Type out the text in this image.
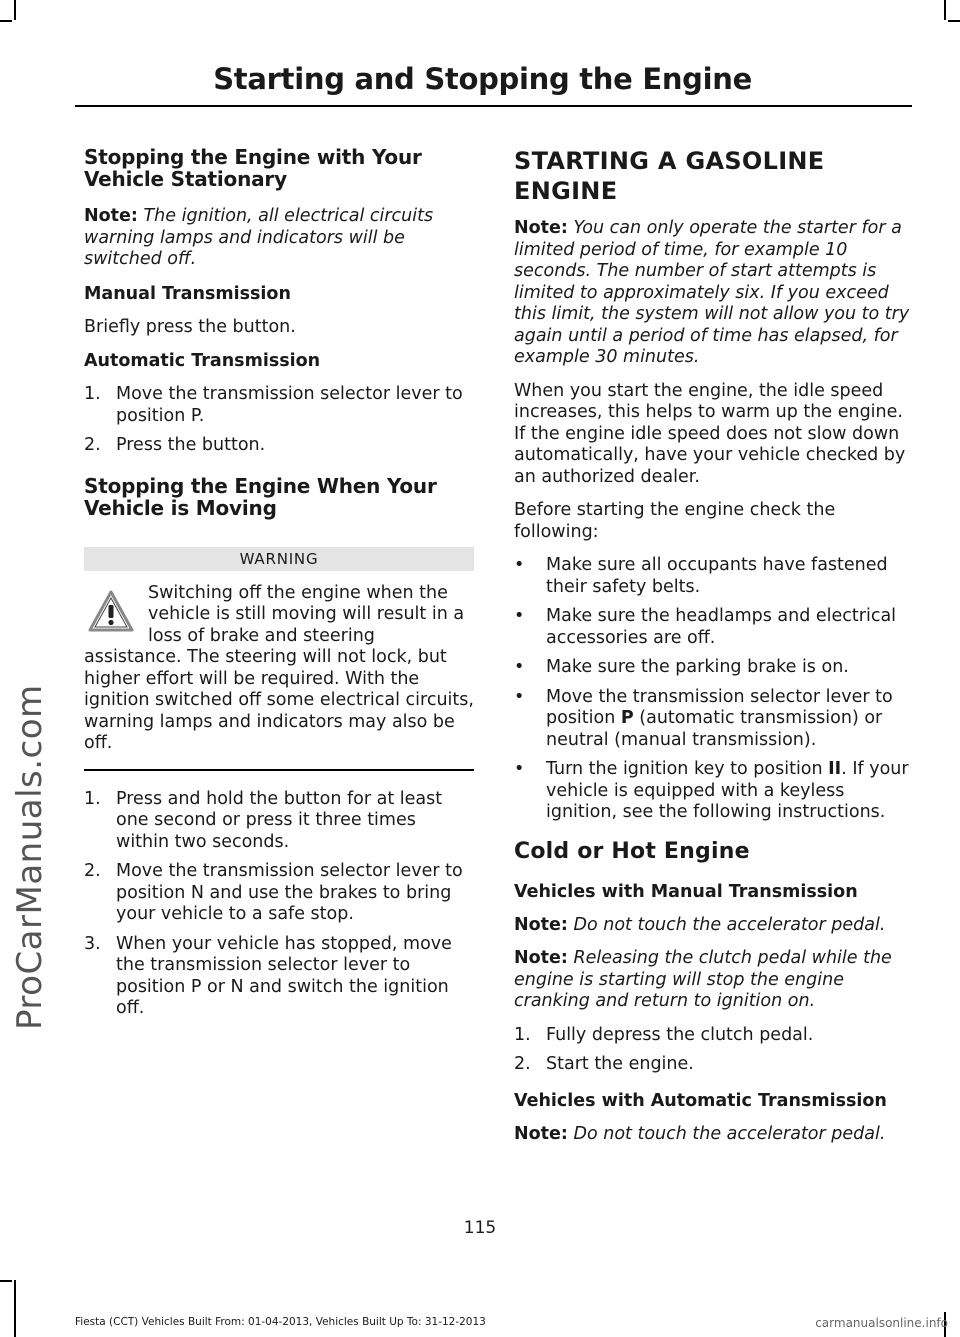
Starting and Stopping the Engine
ProCarManuals.com
Stopping the Engine with Your Vehicle Stationary

Note: The ignition, all electrical circuits warning lamps and indicators will be switched off.

Manual Transmission

Briefly press the button.

Automatic Transmission
1. Move the transmission selector lever to position P.
2. Press the button.
Stopping the Engine When Your Vehicle is Moving
WARNING
Switching off the engine when the vehicle is still moving will result in a loss of brake and steering assistance. The steering will not lock, but higher effort will be required. With the ignition switched off some electrical circuits, warning lamps and indicators may also be off.
1. Press and hold the button for at least one second or press it three times within two seconds.
2. Move the transmission selector lever to position N and use the brakes to bring your vehicle to a safe stop.
3. When your vehicle has stopped, move the transmission selector lever to position P or N and switch the ignition off.
STARTING A GASOLINE
ENGINE

Note: You can only operate the starter for a limited period of time, for example 10 seconds. The number of start attempts is limited to approximately six. If you exceed this limit, the system will not allow you to try again until a period of time has elapsed, for example 30 minutes.

When you start the engine, the idle speed increases, this helps to warm up the engine. If the engine idle speed does not slow down automatically, have your vehicle checked by an authorized dealer.

Before starting the engine check the following:

• Make sure all occupants have fastened their safety belts.
• Make sure the headlamps and electrical accessories are off.
• Make sure the parking brake is on.
• Move the transmission selector lever to position P (automatic transmission) or neutral (manual transmission).
• Turn the ignition key to position II. If your vehicle is equipped with a keyless ignition, see the following instructions.
Cold or Hot Engine
Vehicles with Manual Transmission

Note: Do not touch the accelerator pedal.

Note: Releasing the clutch pedal while the engine is starting will stop the engine cranking and return to ignition on.

1. Fully depress the clutch pedal.
2. Start the engine.
Vehicles with Automatic Transmission

Note: Do not touch the accelerator pedal.

115
Fiesta (CCT) Vehicles Built From: 01-04-2013, Vehicles Built Up To: 31-12-2013	carmanualsonline.info
